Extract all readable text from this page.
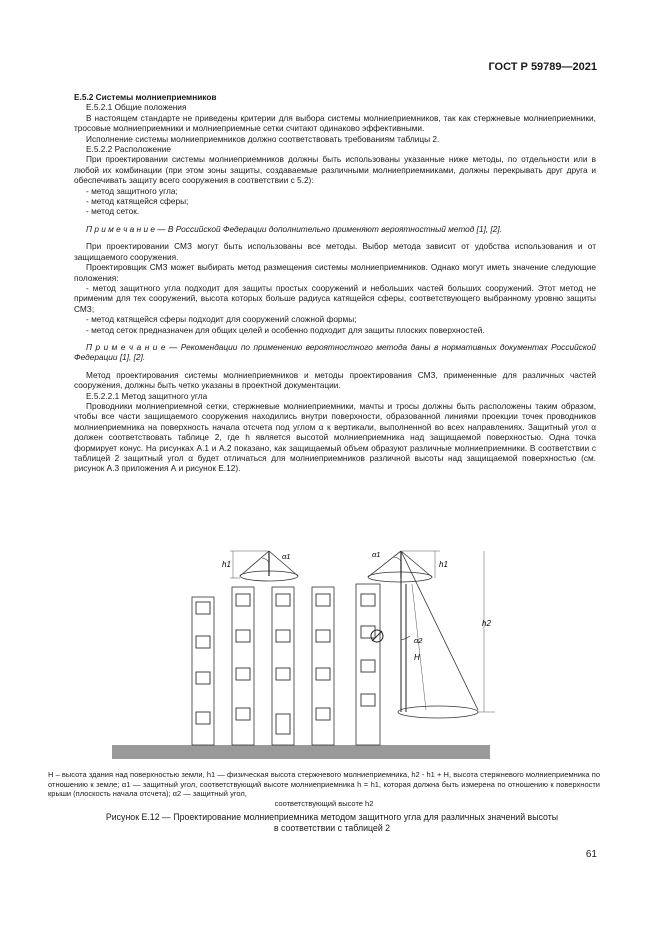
ГОСТ Р 59789—2021

Е.5.2 Системы молниеприемников

Е.5.2.1 Общие положения

В настоящем стандарте не приведены критерии для выбора системы молниеприемников, так как стержневые молниеприемники, тросовые молниеприемники и молниеприемные сетки считают одинаково эффективными.

Исполнение системы молниеприемников должно соответствовать требованиям таблицы 2.

Е.5.2.2 Расположение

При проектировании системы молниеприемников должны быть использованы указанные ниже методы, по отдельности или в любой их комбинации (при этом зоны защиты, создаваемые различными молниеприемниками, должны перекрывать друг друга и обеспечивать защиту всего сооружения в соответствии с 5.2):

- метод защитного угла;

- метод катящейся сферы;

- метод сеток.

П р и м е ч а н и е — В Российской Федерации дополнительно применяют вероятностный метод [1], [2].

При проектировании СМЗ могут быть использованы все методы. Выбор метода зависит от удобства использования и от защищаемого сооружения.

Проектировщик СМЗ может выбирать метод размещения системы молниеприемников. Однако могут иметь значение следующие положения:

- метод защитного угла подходит для защиты простых сооружений и небольших частей больших сооружений. Этот метод не применим для тех сооружений, высота которых больше радиуса катящейся сферы, соответствующего выбранному уровню защиты СМЗ;

- метод катящейся сферы подходит для сооружений сложной формы;

- метод сеток предназначен для общих целей и особенно подходит для защиты плоских поверхностей.

П р и м е ч а н и е — Рекомендации по применению вероятностного метода даны в нормативных документах Российской Федерации [1], [2].

Метод проектирования системы молниеприемников и методы проектирования СМЗ, примененные для различных частей сооружения, должны быть четко указаны в проектной документации.

Е.5.2.2.1 Метод защитного угла

Проводники молниеприемной сетки, стержневые молниеприемники, мачты и тросы должны быть расположены таким образом, чтобы все части защищаемого сооружения находились внутри поверхности, образованной линиями проекции точек проводников молниеприемника на поверхность начала отсчета под углом α к вертикали, выполненной во всех направлениях. Защитный угол α должен соответствовать таблице 2, где h является высотой молниеприемника над защищаемой поверхностью. Одна точка формирует конус. На рисунках А.1 и А.2 показано, как защищаемый объем образуют различные молниеприемники. В соответствии с таблицей 2 защитный угол α будет отличаться для молниеприемников различной высоты над защищаемой поверхностью (см. рисунок А.3 приложения А и рисунок Е.12).

h1
α1	α1
h1
H
α2
h2
H – высота здания над поверхностью земли, h1 — физическая высота стержневого молниеприемника, h2 - h1 + H, высота стержневого молниеприемника по отношению к земле; α1 — защитный угол, соответствующий высоте молниеприемника h = h1, которая должна быть измерена по отношению к поверхности крыши (плоскость начала отсчета); α2 — защитный угол,
соответствующий высоте h2
Рисунок Е.12 — Проектирование молниеприемника методом защитного угла для различных значений высоты
в соответствии с таблицей 2
61
